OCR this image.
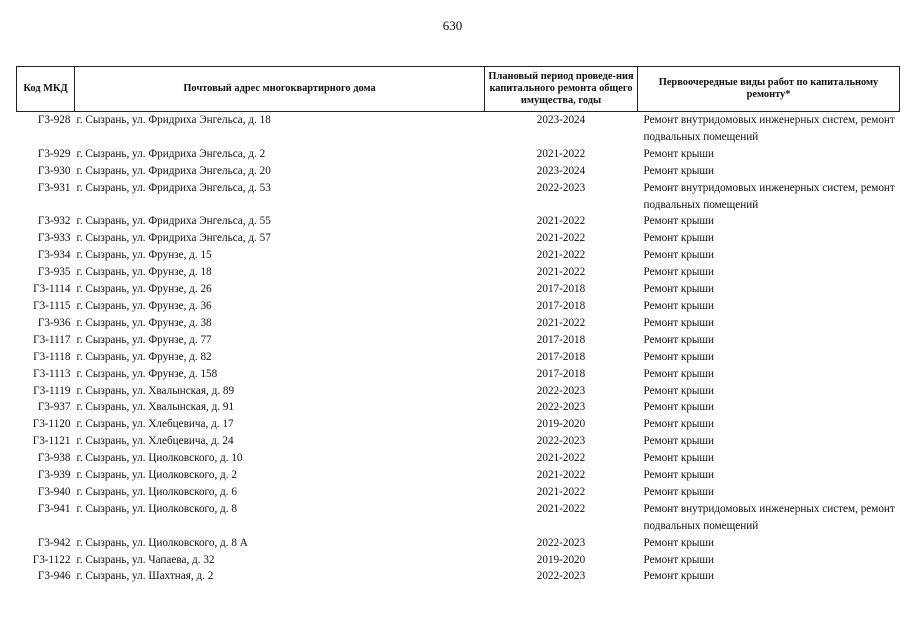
630
Код МКД	Почтовый адрес многоквартирного дома	Плановый период проведе-ния капитального ремонта общего имущества, годы	Первоочередные виды работ по капитальному ремонту*
Г3-928	г. Сызрань, ул. Фридриха Энгельса, д. 18	2023-2024	Ремонт внутридомовых инженерных систем, ремонт подвальных помещений
Г3-929	г. Сызрань, ул. Фридриха Энгельса, д. 2	2021-2022	Ремонт крыши
Г3-930	г. Сызрань, ул. Фридриха Энгельса, д. 20	2023-2024	Ремонт крыши
Г3-931	г. Сызрань, ул. Фридриха Энгельса, д. 53	2022-2023	Ремонт внутридомовых инженерных систем, ремонт подвальных помещений
Г3-932	г. Сызрань, ул. Фридриха Энгельса, д. 55	2021-2022	Ремонт крыши
Г3-933	г. Сызрань, ул. Фридриха Энгельса, д. 57	2021-2022	Ремонт крыши
Г3-934	г. Сызрань, ул. Фрунзе, д. 15	2021-2022	Ремонт крыши
Г3-935	г. Сызрань, ул. Фрунзе, д. 18	2021-2022	Ремонт крыши
Г3-1114	г. Сызрань, ул. Фрунзе, д. 26	2017-2018	Ремонт крыши
Г3-1115	г. Сызрань, ул. Фрунзе, д. 36	2017-2018	Ремонт крыши
Г3-936	г. Сызрань, ул. Фрунзе, д. 38	2021-2022	Ремонт крыши
Г3-1117	г. Сызрань, ул. Фрунзе, д. 77	2017-2018	Ремонт крыши
Г3-1118	г. Сызрань, ул. Фрунзе, д. 82	2017-2018	Ремонт крыши
Г3-1113	г. Сызрань, ул. Фрунзе, д. 158	2017-2018	Ремонт крыши
Г3-1119	г. Сызрань, ул. Хвалынская, д. 89	2022-2023	Ремонт крыши
Г3-937	г. Сызрань, ул. Хвалынская, д. 91	2022-2023	Ремонт крыши
Г3-1120	г. Сызрань, ул. Хлебцевича, д. 17	2019-2020	Ремонт крыши
Г3-1121	г. Сызрань, ул. Хлебцевича, д. 24	2022-2023	Ремонт крыши
Г3-938	г. Сызрань, ул. Циолковского, д. 10	2021-2022	Ремонт крыши
Г3-939	г. Сызрань, ул. Циолковского, д. 2	2021-2022	Ремонт крыши
Г3-940	г. Сызрань, ул. Циолковского, д. 6	2021-2022	Ремонт крыши
Г3-941	г. Сызрань, ул. Циолковского, д. 8	2021-2022	Ремонт внутридомовых инженерных систем, ремонт подвальных помещений
Г3-942	г. Сызрань, ул. Циолковского, д. 8 А	2022-2023	Ремонт крыши
Г3-1122	г. Сызрань, ул. Чапаева, д. 32	2019-2020	Ремонт крыши
Г3-946	г. Сызрань, ул. Шахтная, д. 2	2022-2023	Ремонт крыши
